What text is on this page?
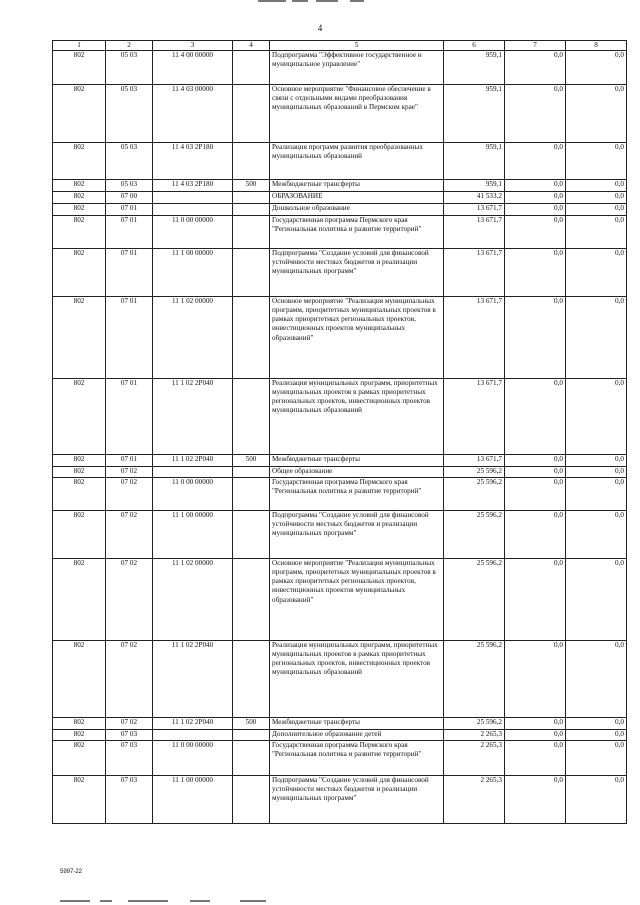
4
1	2	3	4	5	6	7	8
802	05 03	11 4 00 00000		Подпрограмма "Эффективное государственное и муниципальное управление"	959,1	0,0	0,0
802	05 03	11 4 03 00000		Основное мероприятие "Финансовое обеспечение в связи с отдельными видами преобразования муниципальных образований в Пермском крае"	959,1	0,0	0,0
802	05 03	11 4 03 2Р180		Реализация программ развития преобразованных муниципальных образований	959,1	0,0	0,0
802	05 03	11 4 03 2Р180	500	Межбюджетные трансферты	959,1	0,0	0,0
802	07 00			ОБРАЗОВАНИЕ	41 533,2	0,0	0,0
802	07 01			Дошкольное образование	13 671,7	0,0	0,0
802	07 01	11 0 00 00000		Государственная программа Пермского края "Региональная политика и развитие территорий"	13 671,7	0,0	0,0
802	07 01	11 1 00 00000		Подпрограмма "Создание условий для финансовой устойчивости местных бюджетов и реализации муниципальных программ"	13 671,7	0,0	0,0
802	07 01	11 1 02 00000		Основное мероприятие "Реализация муниципальных программ, приоритетных муниципальных проектов в рамках приоритетных региональных проектов, инвестиционных проектов муниципальных образований"	13 671,7	0,0	0,0
802	07 01	11 1 02 2Р040		Реализация муниципальных программ, приоритетных муниципальных проектов в рамках приоритетных региональных проектов, инвестиционных проектов муниципальных образований	13 671,7	0,0	0,0
802	07 01	11 1 02 2Р040	500	Межбюджетные трансферты	13 671,7	0,0	0,0
802	07 02			Общее образование	25 596,2	0,0	0,0
802	07 02	11 0 00 00000		Государственная программа Пермского края "Региональная политика и развитие территорий"	25 596,2	0,0	0,0
802	07 02	11 1 00 00000		Подпрограмма "Создание условий для финансовой устойчивости местных бюджетов и реализации муниципальных программ"	25 596,2	0,0	0,0
802	07 02	11 1 02 00000		Основное мероприятие "Реализация муниципальных программ, приоритетных муниципальных проектов в рамках приоритетных региональных проектов, инвестиционных проектов муниципальных образований"	25 596,2	0,0	0,0
802	07 02	11 1 02 2Р040		Реализация муниципальных программ, приоритетных муниципальных проектов в рамках приоритетных региональных проектов, инвестиционных проектов муниципальных образований	25 596,2	0,0	0,0
802	07 02	11 1 02 2Р040	500	Межбюджетные трансферты	25 596,2	0,0	0,0
802	07 03			Дополнительное образование детей	2 265,3	0,0	0,0
802	07 03	11 0 00 00000		Государственная программа Пермского края "Региональная политика и развитие территорий"	2 265,3	0,0	0,0
802	07 03	11 1 00 00000		Подпрограмма "Создание условий для финансовой устойчивости местных бюджетов и реализации муниципальных программ"	2 265,3	0,0	0,0
5997-22
